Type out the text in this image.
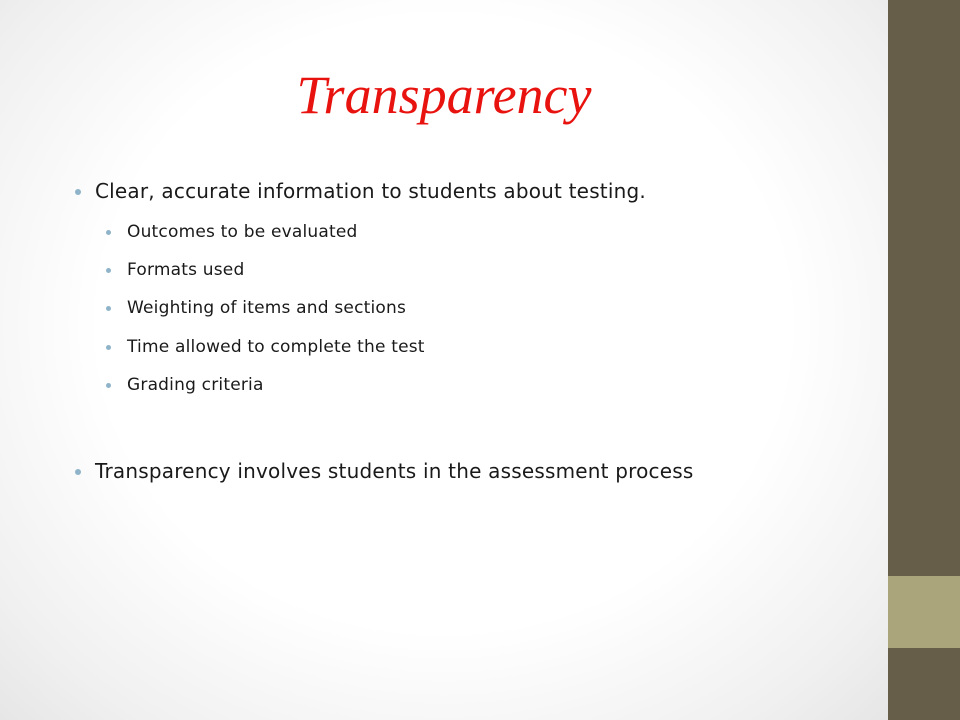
Transparency
Clear, accurate information to students about testing.
Outcomes to be evaluated
Formats used
Weighting of items and sections
Time allowed to complete the test
Grading criteria
Transparency involves students in the assessment process
